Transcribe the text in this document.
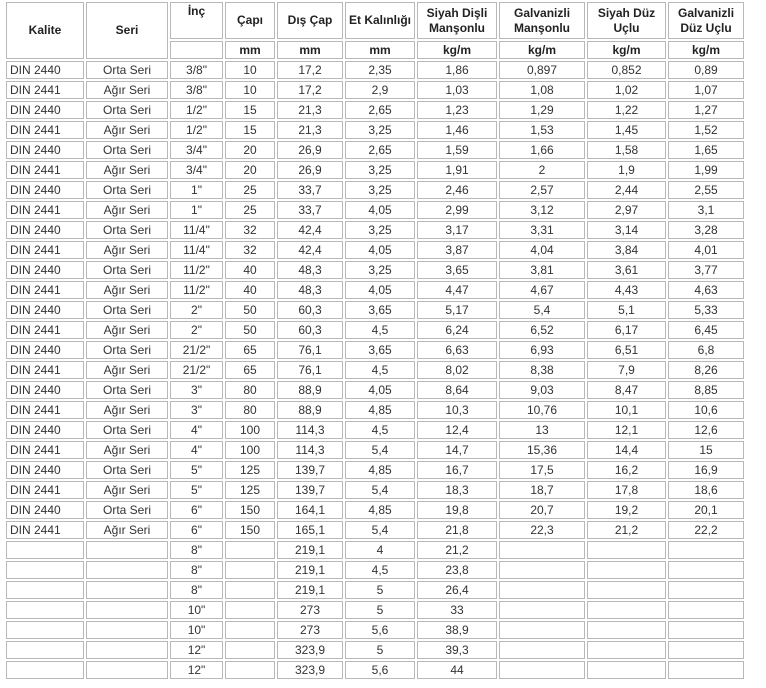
Kalite	Seri	İnç	Çapı	Dış Çap	Et Kalınlığı	Siyah Dişli Manşonlu	Galvanizli Manşonlu	Siyah Düz Uçlu	Galvanizli Düz Uçlu
			mm	mm	mm	kg/m	kg/m	kg/m	kg/m
DIN 2440	Orta Seri	3/8"	10	17,2	2,35	1,86	0,897	0,852	0,89
DIN 2441	Ağır Seri	3/8"	10	17,2	2,9	1,03	1,08	1,02	1,07
DIN 2440	Orta Seri	1/2"	15	21,3	2,65	1,23	1,29	1,22	1,27
DIN 2441	Ağır Seri	1/2"	15	21,3	3,25	1,46	1,53	1,45	1,52
DIN 2440	Orta Seri	3/4"	20	26,9	2,65	1,59	1,66	1,58	1,65
DIN 2441	Ağır Seri	3/4"	20	26,9	3,25	1,91	2	1,9	1,99
DIN 2440	Orta Seri	1"	25	33,7	3,25	2,46	2,57	2,44	2,55
DIN 2441	Ağır Seri	1"	25	33,7	4,05	2,99	3,12	2,97	3,1
DIN 2440	Orta Seri	11/4"	32	42,4	3,25	3,17	3,31	3,14	3,28
DIN 2441	Ağır Seri	11/4"	32	42,4	4,05	3,87	4,04	3,84	4,01
DIN 2440	Orta Seri	11/2"	40	48,3	3,25	3,65	3,81	3,61	3,77
DIN 2441	Ağır Seri	11/2"	40	48,3	4,05	4,47	4,67	4,43	4,63
DIN 2440	Orta Seri	2"	50	60,3	3,65	5,17	5,4	5,1	5,33
DIN 2441	Ağır Seri	2"	50	60,3	4,5	6,24	6,52	6,17	6,45
DIN 2440	Orta Seri	21/2"	65	76,1	3,65	6,63	6,93	6,51	6,8
DIN 2441	Ağır Seri	21/2"	65	76,1	4,5	8,02	8,38	7,9	8,26
DIN 2440	Orta Seri	3"	80	88,9	4,05	8,64	9,03	8,47	8,85
DIN 2441	Ağır Seri	3"	80	88,9	4,85	10,3	10,76	10,1	10,6
DIN 2440	Orta Seri	4"	100	114,3	4,5	12,4	13	12,1	12,6
DIN 2441	Ağır Seri	4"	100	114,3	5,4	14,7	15,36	14,4	15
DIN 2440	Orta Seri	5"	125	139,7	4,85	16,7	17,5	16,2	16,9
DIN 2441	Ağır Seri	5"	125	139,7	5,4	18,3	18,7	17,8	18,6
DIN 2440	Orta Seri	6"	150	164,1	4,85	19,8	20,7	19,2	20,1
DIN 2441	Ağır Seri	6"	150	165,1	5,4	21,8	22,3	21,2	22,2
		8"		219,1	4	21,2			
		8"		219,1	4,5	23,8			
		8"		219,1	5	26,4			
		10"		273	5	33			
		10"		273	5,6	38,9			
		12"		323,9	5	39,3			
		12"		323,9	5,6	44			
